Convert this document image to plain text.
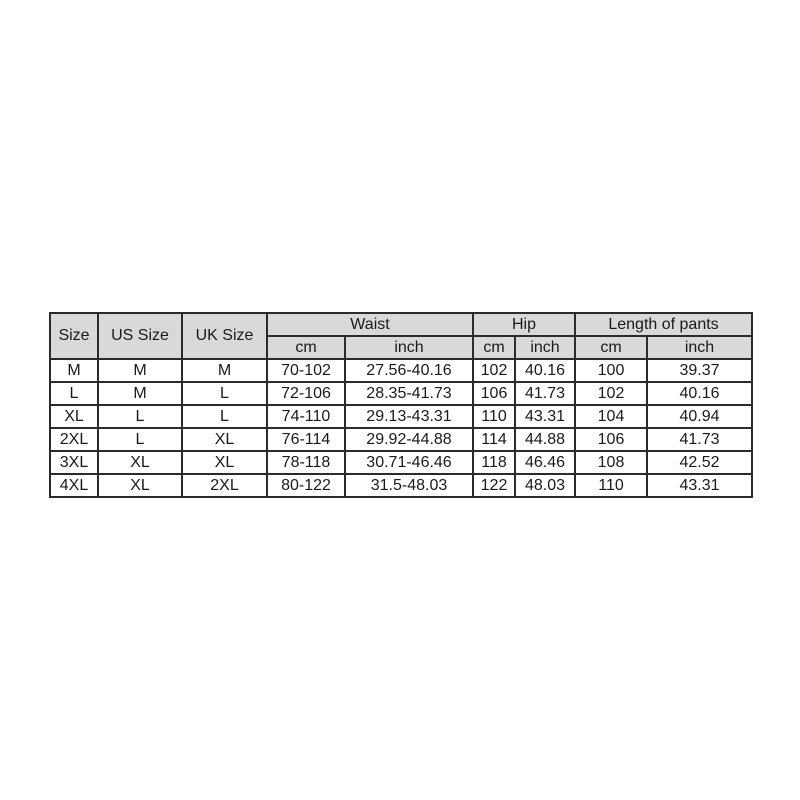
Size	US Size	UK Size	Waist		Hip		Length of pants	
			cm	inch	cm	inch	cm	inch
M	M	M	70-102	27.56-40.16	102	40.16	100	39.37
L	M	L	72-106	28.35-41.73	106	41.73	102	40.16
XL	L	L	74-110	29.13-43.31	110	43.31	104	40.94
2XL	L	XL	76-114	29.92-44.88	114	44.88	106	41.73
3XL	XL	XL	78-118	30.71-46.46	118	46.46	108	42.52
4XL	XL	2XL	80-122	31.5-48.03	122	48.03	110	43.31
